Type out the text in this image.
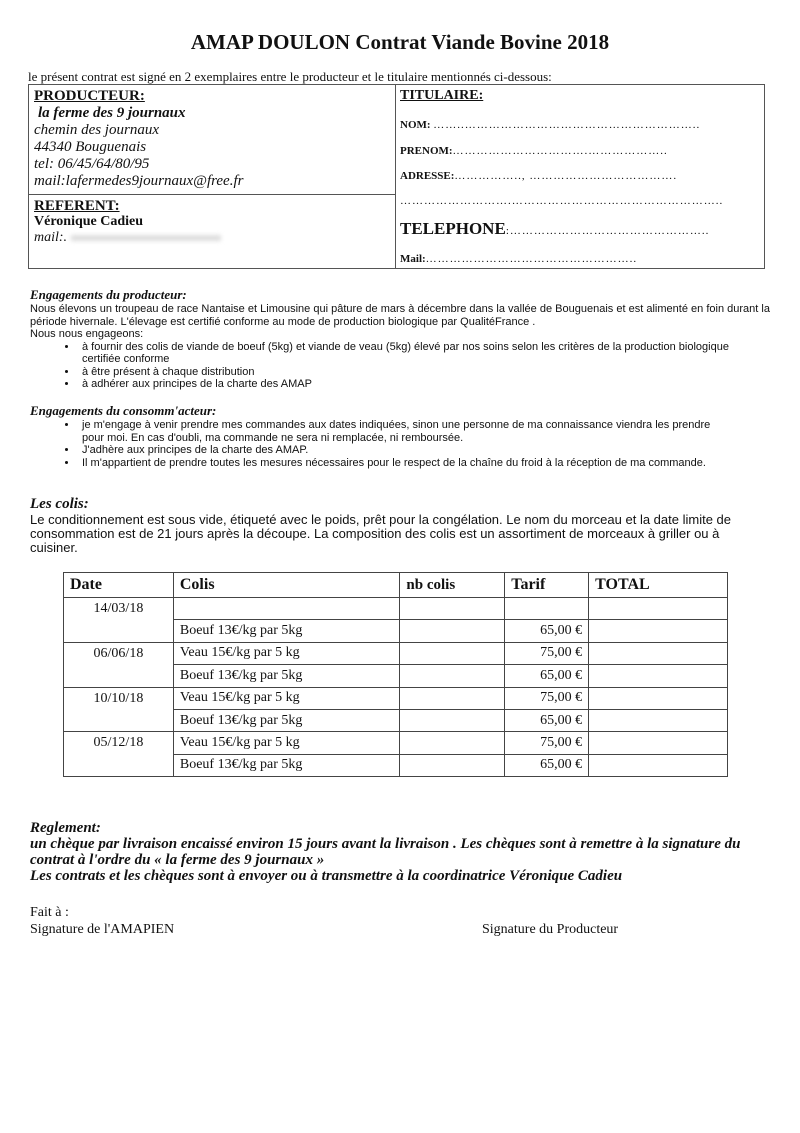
AMAP DOULON Contrat Viande Bovine 2018
le présent contrat est signé en 2 exemplaires entre le producteur et le titulaire mentionnés ci-dessous:
PRODUCTEUR:
la ferme des 9 journaux
chemin des journaux
44340 Bouguenais
tel: 06/45/64/80/95
mail:lafermedes9journaux@free.fr
REFERENT:
Véronique Cadieu
mail:.
TITULAIRE:
NOM: ……..…………………………………………………..
PRENOM:…………………………….………………..
ADRESSE:…………….., ……………………………….
……………………….……………………………………………..
TELEPHONE:…………………………………………..
Mail:……………………………………………..
Engagements du producteur:
Nous élevons un troupeau de race Nantaise et Limousine qui pâture de mars à décembre dans la vallée de Bouguenais et est alimenté en foin durant la période hivernale. L'élevage est certifié conforme au mode de production biologique par QualitéFrance .
Nous nous engageons:
• à fournir des colis de viande de boeuf (5kg) et viande de veau (5kg) élevé par nos soins selon les critères de la production biologique certifiée conforme
• à être présent à chaque distribution
• à adhérer aux principes de la charte des AMAP
Engagements du consomm'acteur:
• je m'engage à venir prendre mes commandes aux dates indiquées, sinon une personne de ma connaissance viendra les prendre pour moi. En cas d'oubli, ma commande ne sera ni remplacée, ni remboursée.
• J'adhère aux principes de la charte des AMAP.
• Il m'appartient de prendre toutes les mesures nécessaires pour le respect de la chaîne du froid à la réception de ma commande.
Les colis:
Le conditionnement est sous vide, étiqueté avec le poids, prêt pour la congélation. Le nom du morceau et la date limite de consommation est de 21 jours après la découpe. La composition des colis est un assortiment de morceaux à griller ou à cuisiner.
Date	Colis	nb colis	Tarif	TOTAL
14/03/18				
	Boeuf 13€/kg par 5kg		65,00 €	
06/06/18	Veau 15€/kg par 5 kg		75,00 €	
	Boeuf 13€/kg par 5kg		65,00 €	
10/10/18	Veau 15€/kg par 5 kg		75,00 €	
	Boeuf 13€/kg par 5kg		65,00 €	
05/12/18	Veau 15€/kg par 5 kg		75,00 €	
	Boeuf 13€/kg par 5kg		65,00 €	
Reglement:
un chèque par livraison encaissé environ 15 jours avant la livraison . Les chèques sont à remettre à la signature du contrat à l'ordre du « la ferme des 9 journaux »
Les contrats et les chèques sont à envoyer ou à transmettre à la coordinatrice Véronique Cadieu
Fait à :
Signature de l'AMAPIEN	Signature du Producteur
